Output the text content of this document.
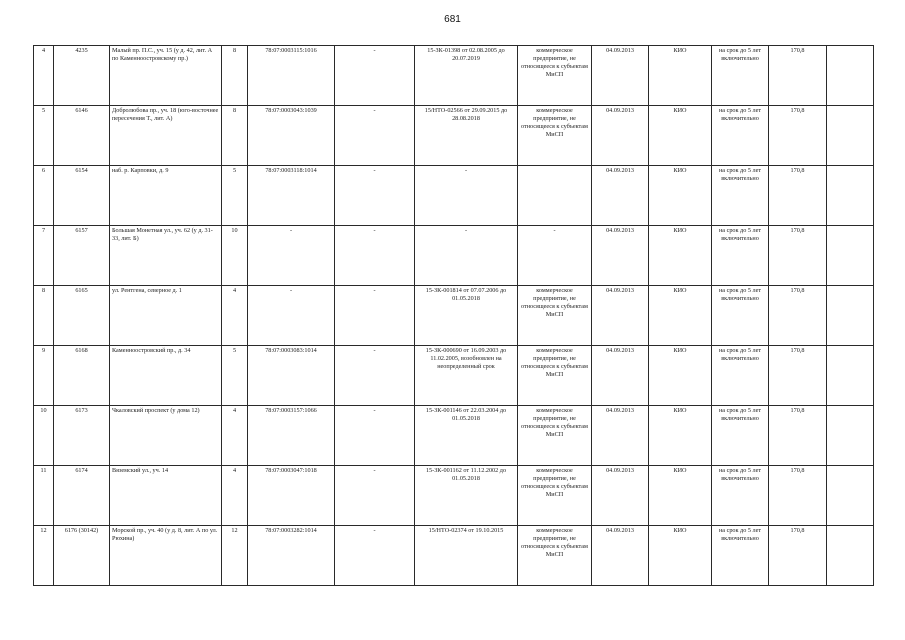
681
4	4235	Малый пр. П.С., уч. 15 (у д. 42, лит. А по Каменноостровскому пр.)	8	78:07:0003115:1016	-	15-ЗК-01398 от 02.08.2005 до 20.07.2019	коммерческое предприятие, не относящееся к субъектам МиСП	04.09.2013	КИО	на срок до 5 лет включительно	170,8	
5	6146	Добролюбова пр., уч. 18 (юго-восточнее пересечения Т., лит. А)	8	78:07:0003043:1039	-	15/НТО-02566 от 29.09.2015 до 28.08.2018	коммерческое предприятие, не относящееся к субъектам МиСП	04.09.2013	КИО	на срок до 5 лет включительно	170,8	
6	6154	наб. р. Карповки, д. 9	5	78:07:0003118:1014	-	-		04.09.2013	КИО	на срок до 5 лет включительно	170,8	
7	6157	Большая Монетная ул., уч. 62 (у д. 31-33, лит. Б)	10	-	-	-	-	04.09.2013	КИО	на срок до 5 лет включительно	170,8	
8	6165	ул. Рентгена, северное д. 1	4	-	-	15-ЗК-001814 от 07.07.2006 до 01.05.2018	коммерческое предприятие, не относящееся к субъектам МиСП	04.09.2013	КИО	на срок до 5 лет включительно	170,8	
9	6168	Каменноостровский пр., д. 34	5	78:07:0003083:1014	-	15-ЗК-000690 от 16.09.2003 до 11.02.2005, возобновлен на неопределенный срок	коммерческое предприятие, не относящееся к субъектам МиСП	04.09.2013	КИО	на срок до 5 лет включительно	170,8	
10	6173	Чкаловский проспект (у дома 12)	4	78:07:0003157:1066	-	15-ЗК-001146 от 22.03.2004 до 01.05.2018	коммерческое предприятие, не относящееся к субъектам МиСП	04.09.2013	КИО	на срок до 5 лет включительно	170,8	
11	6174	Вяземский ул., уч. 14	4	78:07:0003047:1018	-	15-ЗК-001162 от 11.12.2002 до 01.05.2018	коммерческое предприятие, не относящееся к субъектам МиСП	04.09.2013	КИО	на срок до 5 лет включительно	170,8	
12	6176 (30142)	Морской пр., уч. 40 (у д. 8, лит. А по ул. Рюхина)	12	78:07:0003282:1014	-	15/НТО-02374 от 19.10.2015	коммерческое предприятие, не относящееся к субъектам МиСП	04.09.2013	КИО	на срок до 5 лет включительно	170,8	
